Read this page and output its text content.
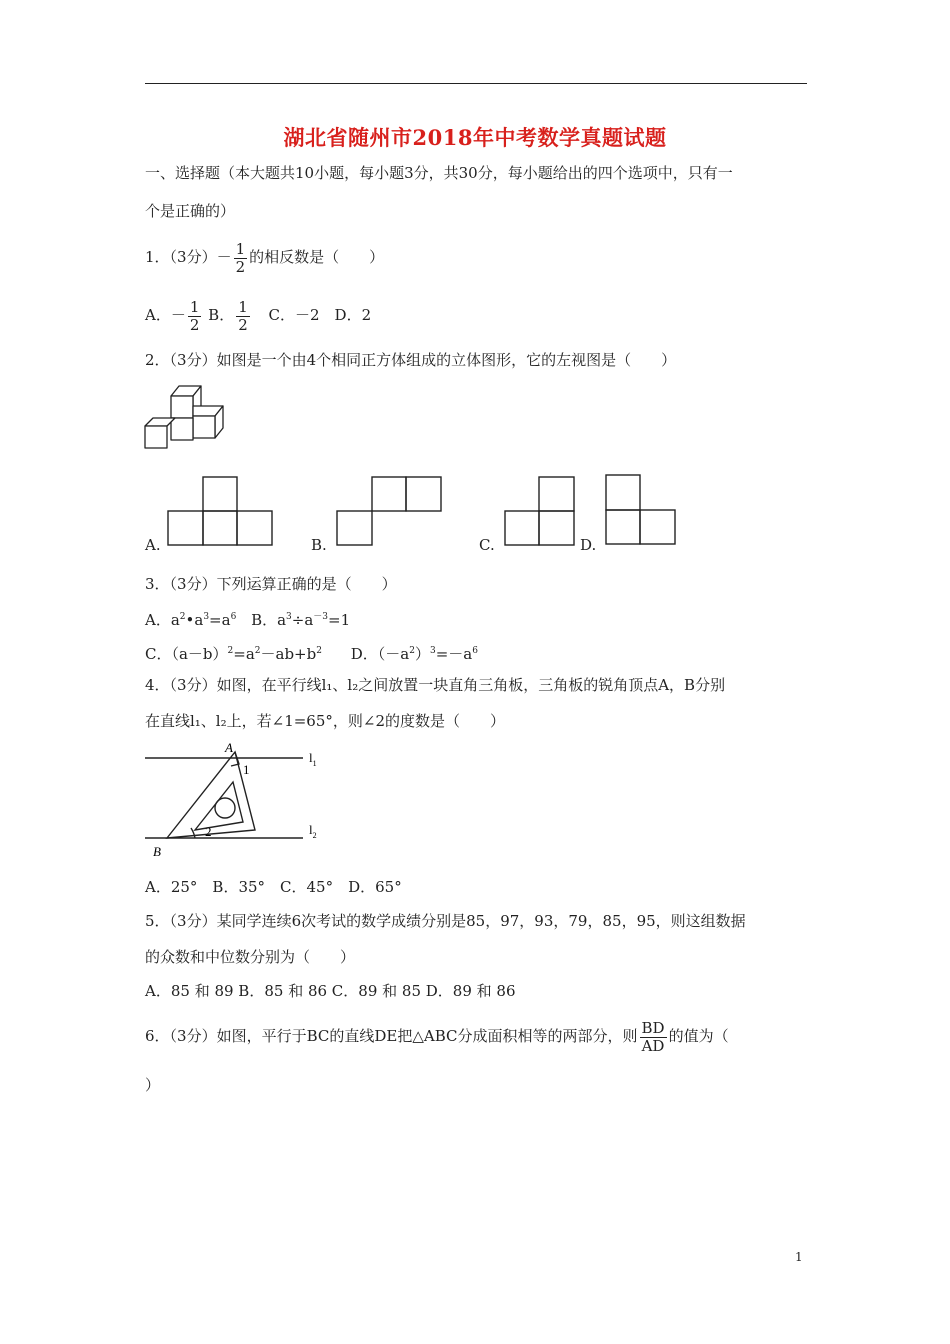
湖北省随州市2018年中考数学真题试题
一、选择题（本大题共10小题，每小题3分，共30分，每小题给出的四个选项中，只有一
个是正确的）
1．（3分）－ $\frac{1}{2}$ 的相反数是（　　）
A．－ $\frac{1}{2}$ B． $\frac{1}{2}$ C．－2　D．2
2．（3分）如图是一个由4个相同正方体组成的立体图形，它的左视图是（　　）
A.	B.	C.	D.
3．（3分）下列运算正确的是（　　）
A．$a^2•a^3=a^6$ B．$a^3\div a^{-3}=1$
C．$(a-b)^2=a^2-ab+b^2$ D．$(-a^2)^3=-a^6$
4．（3分）如图，在平行线l₁、l₂之间放置一块直角三角板，三角板的锐角顶点A，B分别
在直线l₁、l₂上，若∠1=65°，则∠2的度数是（　　）
A
B
1
2
$l_1$
$l_2$
A．25°　B．35°　C．45°　D．65°
5．（3分）某同学连续6次考试的数学成绩分别是85，97，93，79，85，95，则这组数据
的众数和中位数分别为（　　）
A．85 和 89 B．85 和 86 C．89 和 85 D．89 和 86
6．（3分）如图，平行于BC的直线DE把△ABC分成面积相等的两部分，则 $\frac{BD}{AD}$ 的值为（
）
1
